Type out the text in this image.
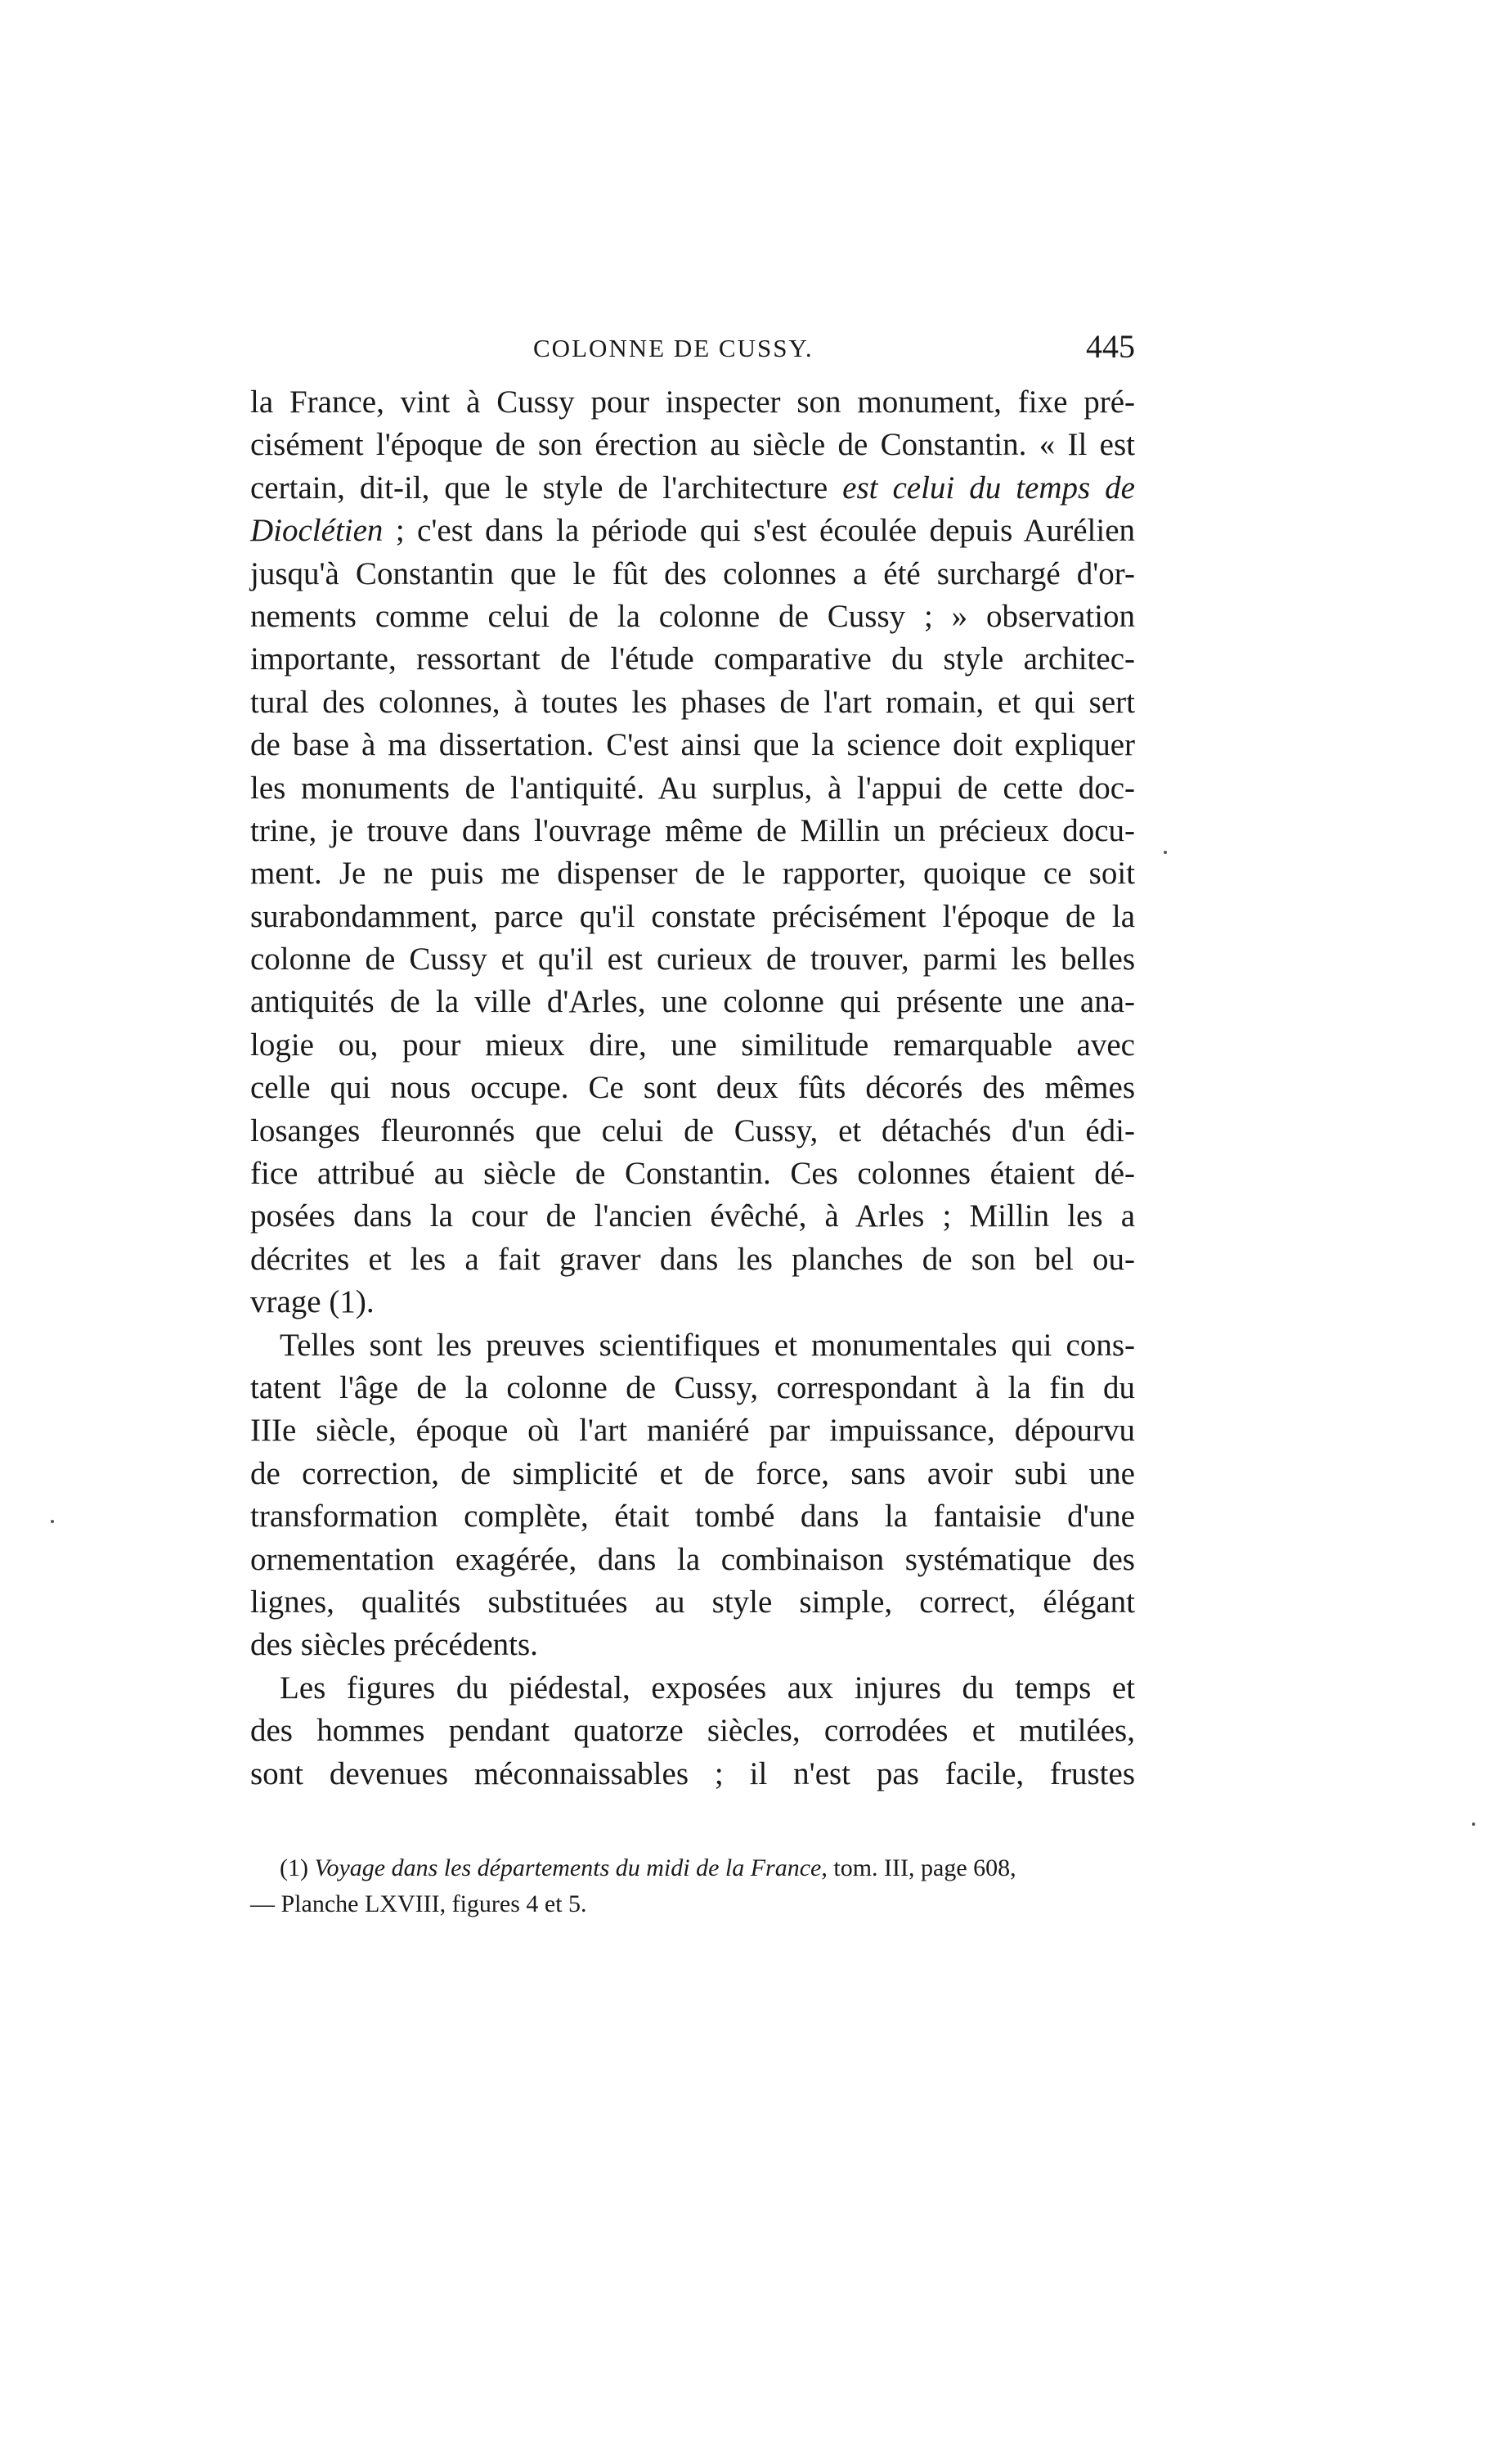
COLONNE DE CUSSY.	445
la France, vint à Cussy pour inspecter son monument, fixe pré-
cisément l'époque de son érection au siècle de Constantin. « Il est
certain, dit-il, que le style de l'architecture est celui du temps de
Dioclétien ; c'est dans la période qui s'est écoulée depuis Aurélien
jusqu'à Constantin que le fût des colonnes a été surchargé d'or-
nements comme celui de la colonne de Cussy ; » observation
importante, ressortant de l'étude comparative du style architec-
tural des colonnes, à toutes les phases de l'art romain, et qui sert
de base à ma dissertation. C'est ainsi que la science doit expliquer
les monuments de l'antiquité. Au surplus, à l'appui de cette doc-
trine, je trouve dans l'ouvrage même de Millin un précieux docu-
ment. Je ne puis me dispenser de le rapporter, quoique ce soit
surabondamment, parce qu'il constate précisément l'époque de la
colonne de Cussy et qu'il est curieux de trouver, parmi les belles
antiquités de la ville d'Arles, une colonne qui présente une ana-
logie ou, pour mieux dire, une similitude remarquable avec
celle qui nous occupe. Ce sont deux fûts décorés des mêmes
losanges fleuronnés que celui de Cussy, et détachés d'un édi-
fice attribué au siècle de Constantin. Ces colonnes étaient dé-
posées dans la cour de l'ancien évêché, à Arles ; Millin les a
décrites et les a fait graver dans les planches de son bel ou-
vrage (1).
Telles sont les preuves scientifiques et monumentales qui cons-
tatent l'âge de la colonne de Cussy, correspondant à la fin du
IIIe siècle, époque où l'art maniéré par impuissance, dépourvu
de correction, de simplicité et de force, sans avoir subi une
transformation complète, était tombé dans la fantaisie d'une
ornementation exagérée, dans la combinaison systématique des
lignes, qualités substituées au style simple, correct, élégant
des siècles précédents.
Les figures du piédestal, exposées aux injures du temps et
des hommes pendant quatorze siècles, corrodées et mutilées,
sont devenues méconnaissables ; il n'est pas facile, frustes
(1) Voyage dans les départements du midi de la France, tom. III, page 608,
— Planche LXVIII, figures 4 et 5.
